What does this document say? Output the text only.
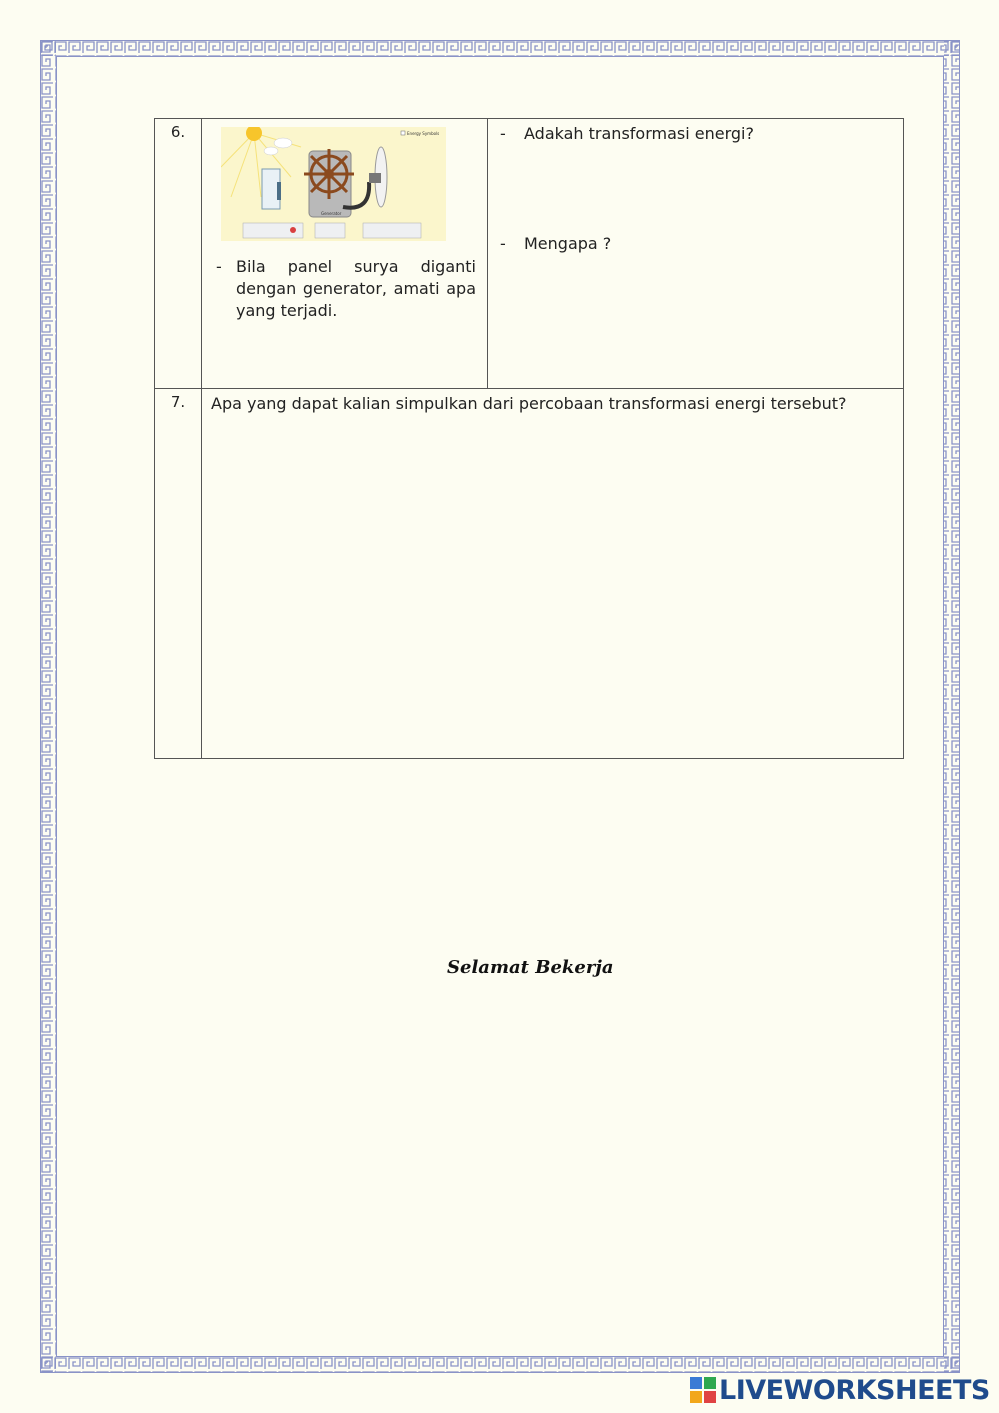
6.	Energy Symbols
Generator
- Bila panel surya diganti dengan generator, amati apa yang terjadi.
- Adakah transformasi energi?
- Mengapa ?
7.	Apa yang dapat kalian simpulkan dari percobaan transformasi energi tersebut?
Selamat Bekerja
LIVEWORKSHEETS
